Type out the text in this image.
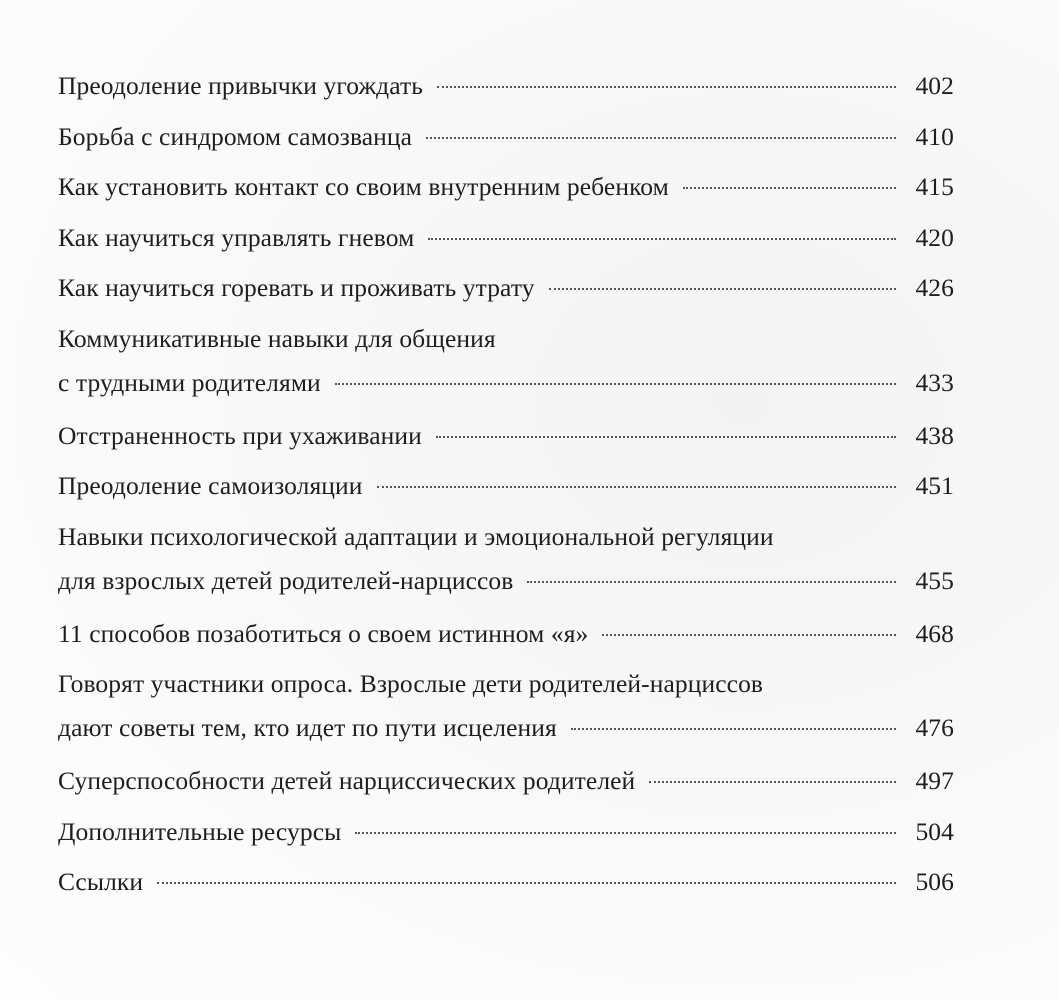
Преодоление привычки угождать	402
Борьба с синдромом самозванца	410
Как установить контакт со своим внутренним ребенком	415
Как научиться управлять гневом	420
Как научиться горевать и проживать утрату	426
Коммуникативные навыки для общения
с трудными родителями	433
Отстраненность при ухаживании	438
Преодоление самоизоляции	451
Навыки психологической адаптации и эмоциональной регуляции
для взрослых детей родителей-нарциссов	455
11 способов позаботиться о своем истинном «я»	468
Говорят участники опроса. Взрослые дети родителей-нарциссов
дают советы тем, кто идет по пути исцеления	476
Суперспособности детей нарциссических родителей	497
Дополнительные ресурсы	504
Ссылки	506
